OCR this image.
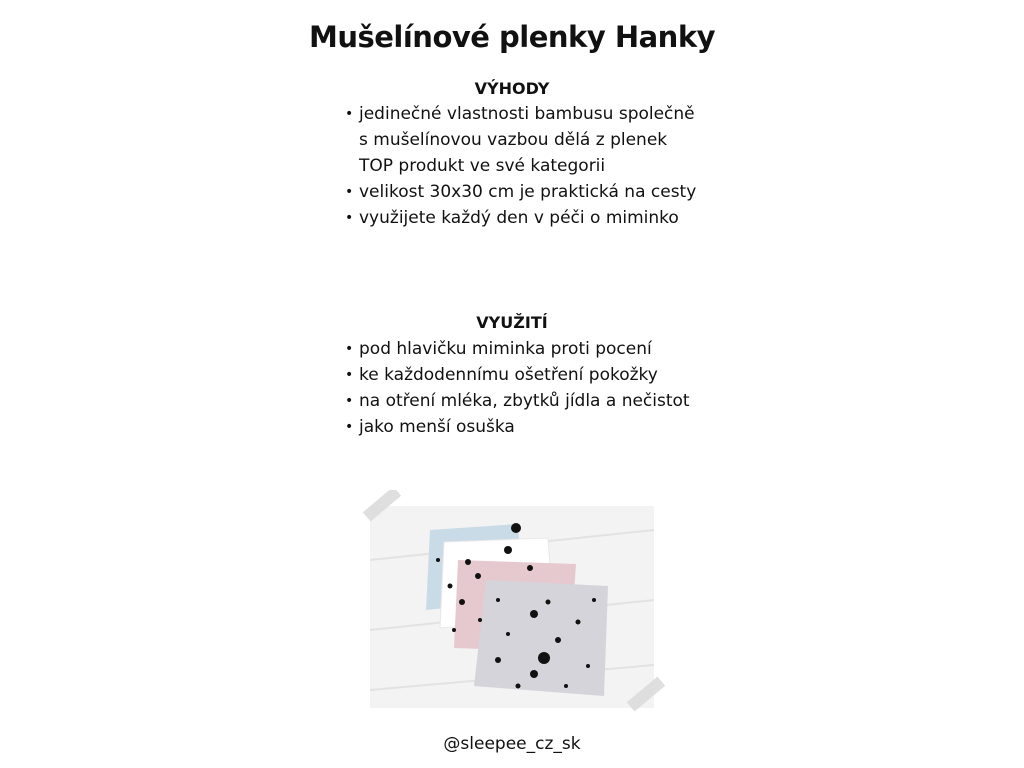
Mušelínové plenky Hanky
VÝHODY
• jedinečné vlastnosti bambusu společně s mušelínovou vazbou dělá z plenek TOP produkt ve své kategorii
• velikost 30x30 cm je praktická na cesty
• využijete každý den v péči o miminko
VYUŽITÍ
• pod hlavičku miminka proti pocení
• ke každodennímu ošetření pokožky
• na otření mléka, zbytků jídla a nečistot
• jako menší osuška
@sleepee_cz_sk
